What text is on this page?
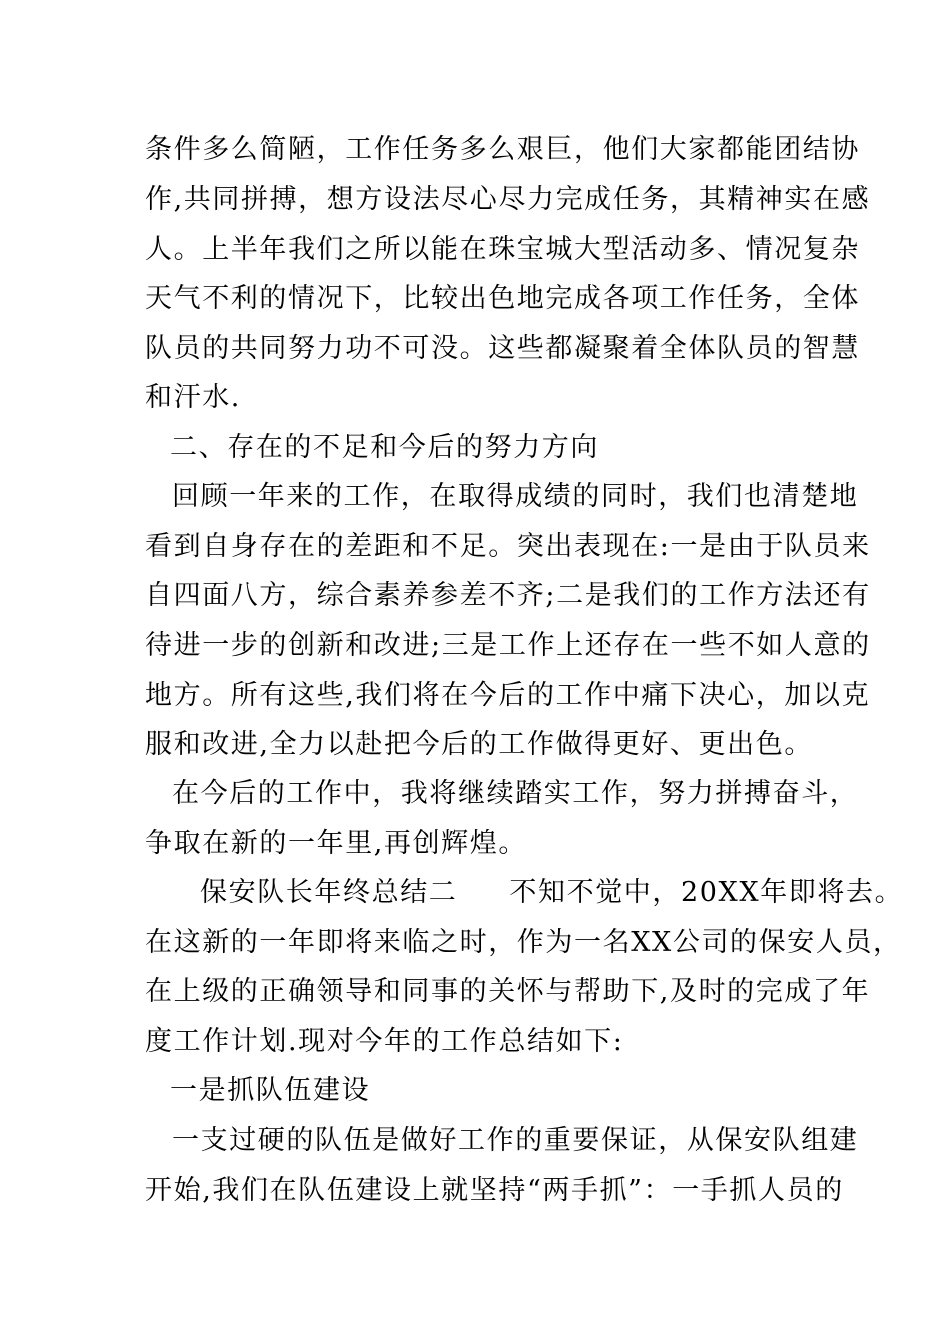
条件多么简陋，工作任务多么艰巨，他们大家都能团结协
作,共同拼搏，想方设法尽心尽力完成任务，其精神实在感
人。上半年我们之所以能在珠宝城大型活动多、情况复杂
天气不利的情况下，比较出色地完成各项工作任务，全体
队员的共同努力功不可没。这些都凝聚着全体队员的智慧
和汗水.
二、存在的不足和今后的努力方向
回顾一年来的工作，在取得成绩的同时，我们也清楚地
看到自身存在的差距和不足。突出表现在:一是由于队员来
自四面八方，综合素养参差不齐;二是我们的工作方法还有
待进一步的创新和改进;三是工作上还存在一些不如人意的
地方。所有这些,我们将在今后的工作中痛下决心，加以克
服和改进,全力以赴把今后的工作做得更好、更出色。
在今后的工作中，我将继续踏实工作，努力拼搏奋斗，
争取在新的一年里,再创辉煌。
保安队长年终总结二 不知不觉中，20XX年即将去。
在这新的一年即将来临之时，作为一名XX公司的保安人员，
在上级的正确领导和同事的关怀与帮助下,及时的完成了年
度工作计划.现对今年的工作总结如下:
一是抓队伍建设
一支过硬的队伍是做好工作的重要保证，从保安队组建
开始,我们在队伍建设上就坚持“两手抓”：一手抓人员的
